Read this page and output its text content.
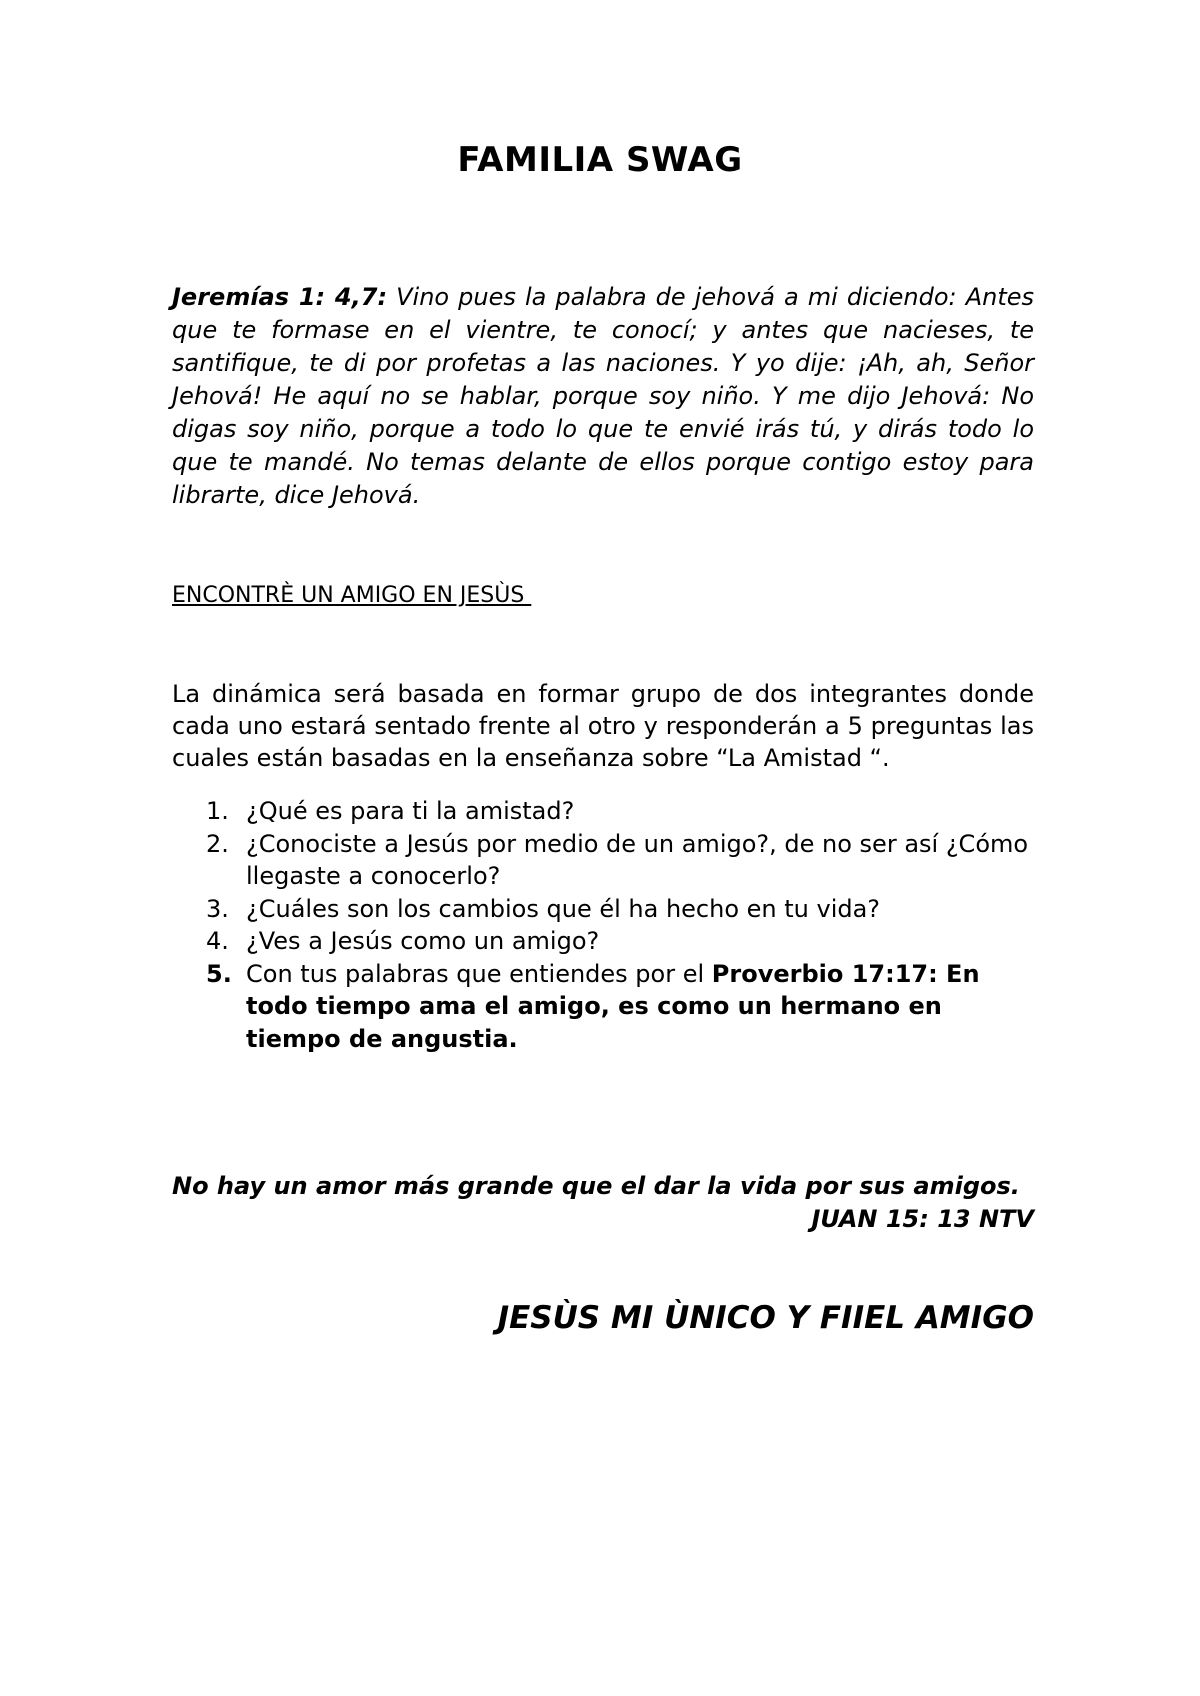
FAMILIA SWAG

Jeremías 1: 4,7: Vino pues la palabra de jehová a mi diciendo: Antes que te formase en el vientre, te conocí; y antes que nacieses, te santifique, te di por profetas a las naciones. Y yo dije: ¡Ah, ah, Señor Jehová! He aquí no se hablar, porque soy niño. Y me dijo Jehová: No digas soy niño, porque a todo lo que te envié irás tú, y dirás todo lo que te mandé. No temas delante de ellos porque contigo estoy para librarte, dice Jehová.

ENCONTRÈ UN AMIGO EN JESÙS

La dinámica será basada en formar grupo de dos integrantes donde cada uno estará sentado frente al otro y responderán a 5 preguntas las cuales están basadas en la enseñanza sobre “La Amistad “.

1. ¿Qué es para ti la amistad?
2. ¿Conociste a Jesús por medio de un amigo?, de no ser así ¿Cómo llegaste a conocerlo?
3. ¿Cuáles son los cambios que él ha hecho en tu vida?
4. ¿Ves a Jesús como un amigo?
5. Con tus palabras que entiendes por el Proverbio 17:17: En todo tiempo ama el amigo, es como un hermano en tiempo de angustia.

No hay un amor más grande que el dar la vida por sus amigos.
JUAN 15: 13 NTV

JESÙS MI ÙNICO Y FIIEL AMIGO
